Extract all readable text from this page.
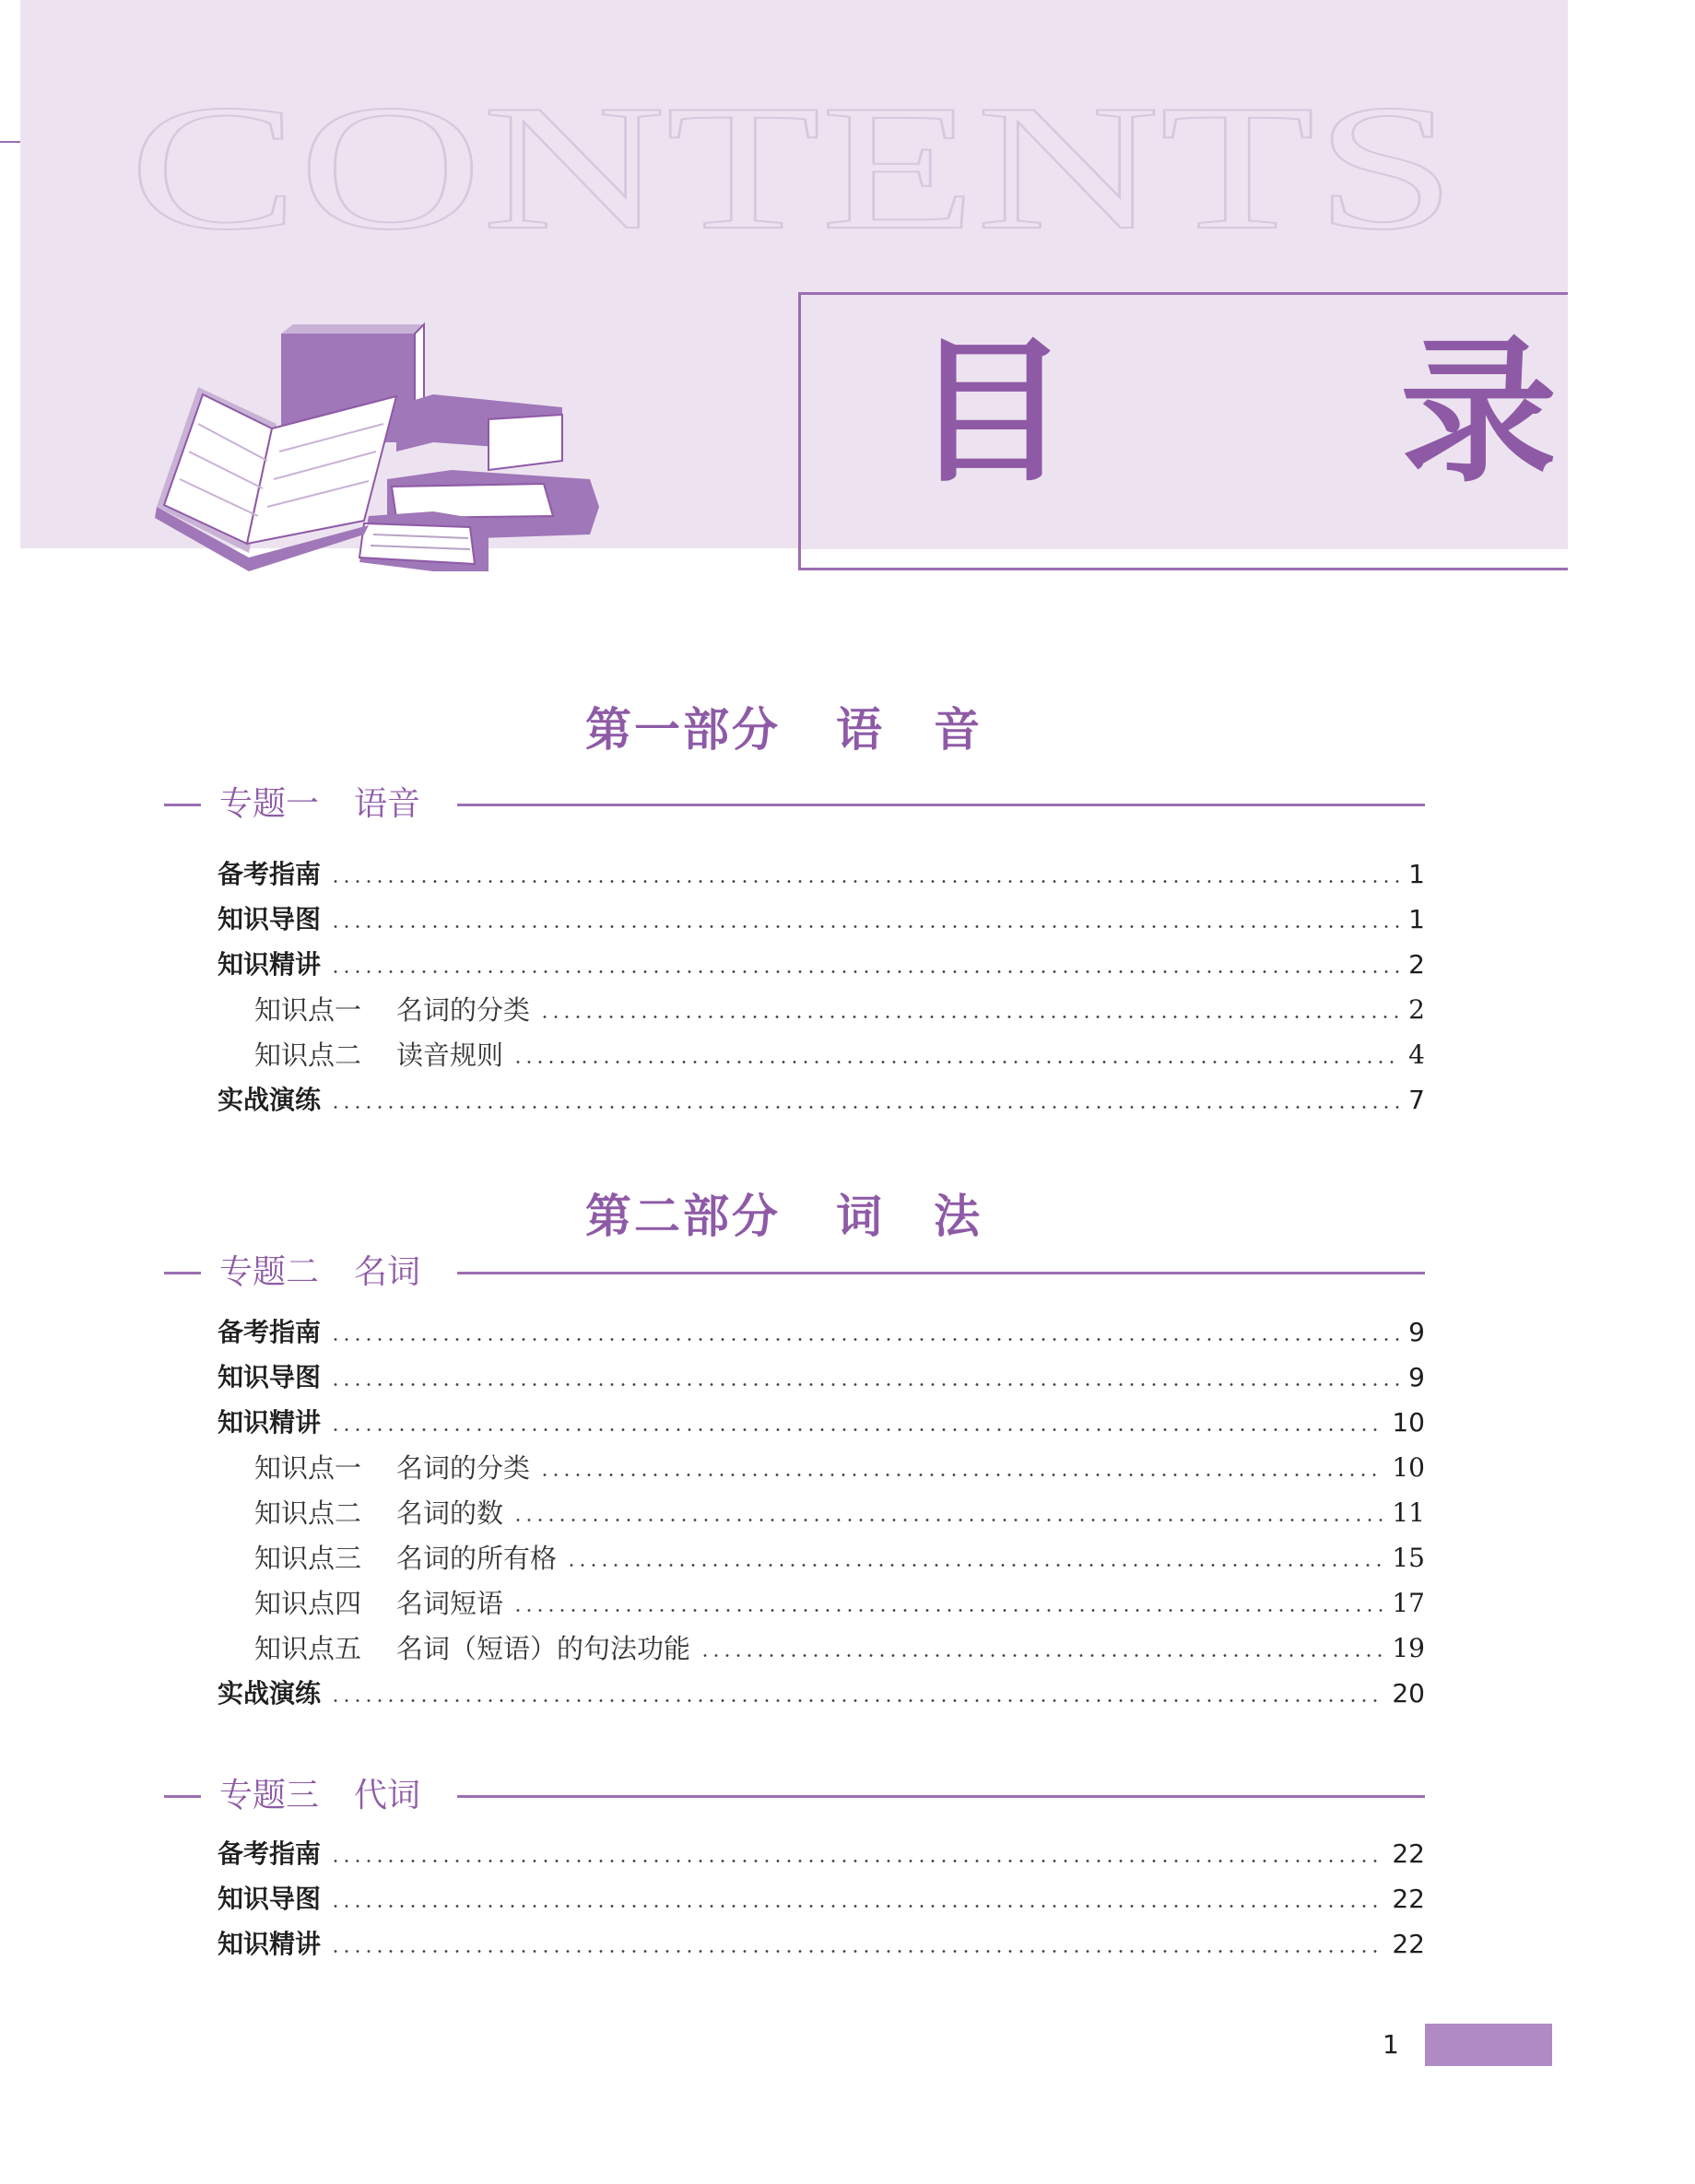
CONTENTS
目 录
第一部分 语　音
专题一 语音
备考指南	1
知识导图	1
知识精讲	2
知识点一 名词的分类	2
知识点二 读音规则	4
实战演练	7
第二部分 词　法
专题二 名词
备考指南	9
知识导图	9
知识精讲	10
知识点一 名词的分类	10
知识点二 名词的数	11
知识点三 名词的所有格	15
知识点四 名词短语	17
知识点五 名词（短语）的句法功能	19
实战演练	20
专题三 代词
备考指南	22
知识导图	22
知识精讲	22
1
